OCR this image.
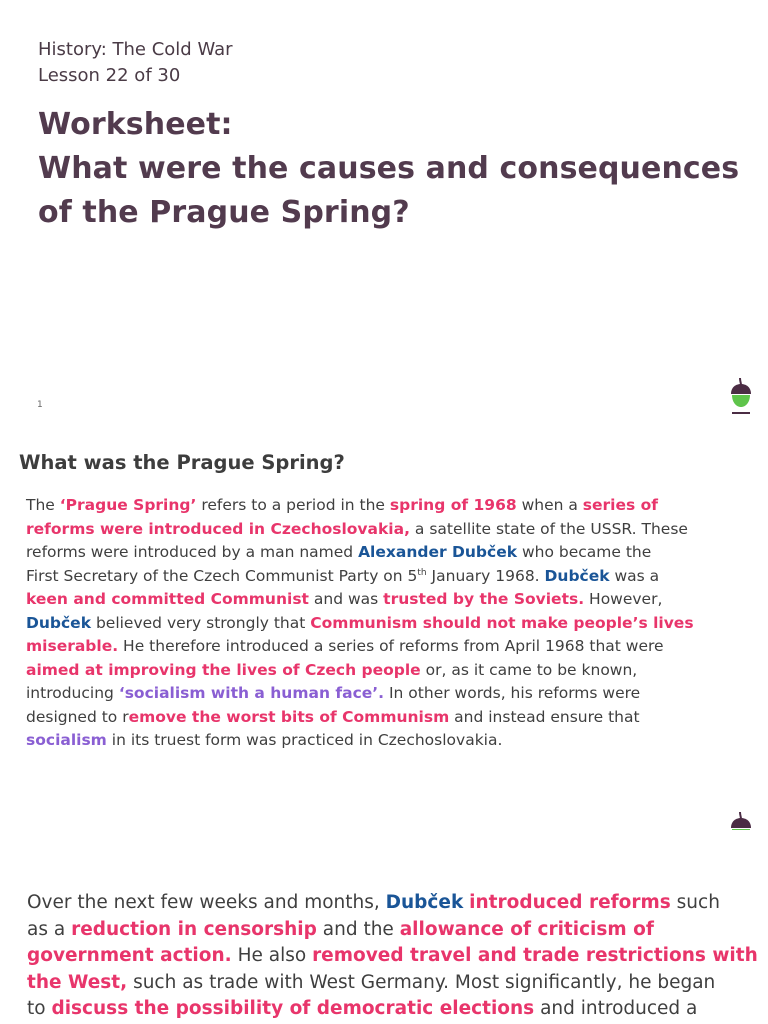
History: The Cold War
Lesson 22 of 30
Worksheet:
What were the causes and consequences
of the Prague Spring?
1
What was the Prague Spring?
The ‘Prague Spring’ refers to a period in the spring of 1968 when a series of
reforms were introduced in Czechoslovakia, a satellite state of the USSR. These
reforms were introduced by a man named Alexander Dubček who became the
First Secretary of the Czech Communist Party on 5th January 1968. Dubček was a
keen and committed Communist and was trusted by the Soviets. However,
Dubček believed very strongly that Communism should not make people’s lives
miserable. He therefore introduced a series of reforms from April 1968 that were
aimed at improving the lives of Czech people or, as it came to be known,
introducing ‘socialism with a human face’. In other words, his reforms were
designed to remove the worst bits of Communism and instead ensure that
socialism in its truest form was practiced in Czechoslovakia.
Over the next few weeks and months, Dubček introduced reforms such
as a reduction in censorship and the allowance of criticism of
government action. He also removed travel and trade restrictions with
the West, such as trade with West Germany. Most significantly, he began
to discuss the possibility of democratic elections and introduced a
